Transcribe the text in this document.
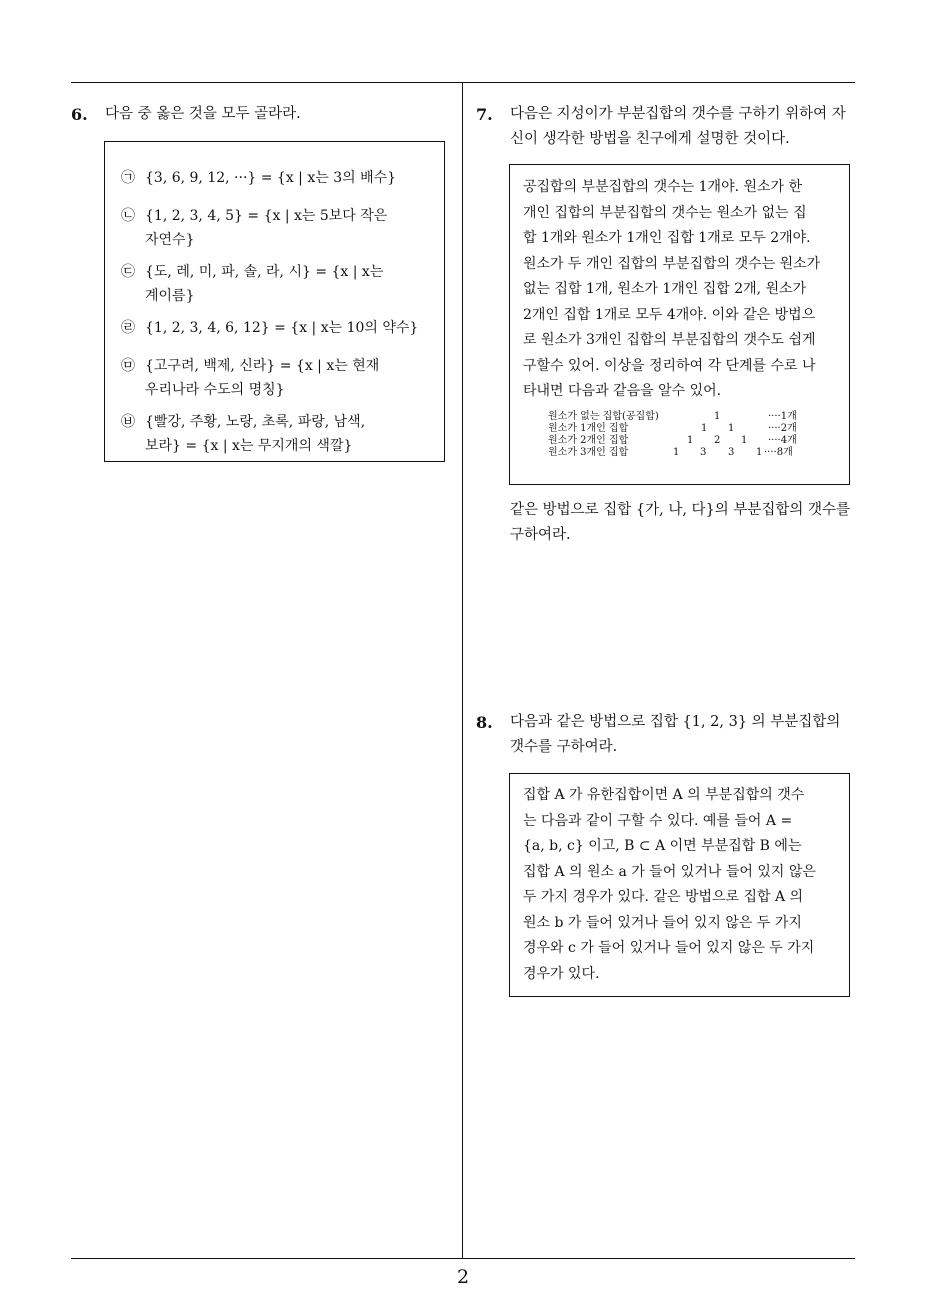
2
6. 다음 중 옳은 것을 모두 골라라.
㉠ {3, 6, 9, 12, ···} = {x | x는 3의 배수}
㉡ {1, 2, 3, 4, 5} = {x | x는 5보다 작은
자연수}
㉢ {도, 레, 미, 파, 솔, 라, 시} = {x | x는
계이름}
㉣ {1, 2, 3, 4, 6, 12} = {x | x는 10의 약수}
㉤ {고구려, 백제, 신라} = {x | x는 현재
우리나라 수도의 명칭}
㉥ {빨강, 주황, 노랑, 초록, 파랑, 남색,
보라} = {x | x는 무지개의 색깔}
7. 다음은 지성이가 부분집합의 갯수를 구하기 위하여 자
신이 생각한 방법을 친구에게 설명한 것이다.
공집합의 부분집합의 갯수는 1개야. 원소가 한
개인 집합의 부분집합의 갯수는 원소가 없는 집
합 1개와 원소가 1개인 집합 1개로 모두 2개야.
원소가 두 개인 집합의 부분집합의 갯수는 원소가
없는 집합 1개, 원소가 1개인 집합 2개, 원소가
2개인 집합 1개로 모두 4개야. 이와 같은 방법으
로 원소가 3개인 집합의 부분집합의 갯수도 쉽게
구할수 있어. 이상을 정리하여 각 단계를 수로 나
타내면 다음과 같음을 알수 있어.
원소가 없는 집합(공집합)	1	····1개
원소가 1개인 집합	1 1	····2개
원소가 2개인 집합	1 2 1 ····4개
원소가 3개인 집합	1 3 3 1 ····8개
같은 방법으로 집합 {가, 나, 다}의 부분집합의 갯수를
구하여라.
8. 다음과 같은 방법으로 집합 {1, 2, 3} 의 부분집합의
갯수를 구하여라.
집합 A 가 유한집합이면 A 의 부분집합의 갯수
는 다음과 같이 구할 수 있다. 예를 들어 A =
{a, b, c} 이고, B ⊂ A 이면 부분집합 B 에는
집합 A 의 원소 a 가 들어 있거나 들어 있지 않은
두 가지 경우가 있다. 같은 방법으로 집합 A 의
원소 b 가 들어 있거나 들어 있지 않은 두 가지
경우와 c 가 들어 있거나 들어 있지 않은 두 가지
경우가 있다.
